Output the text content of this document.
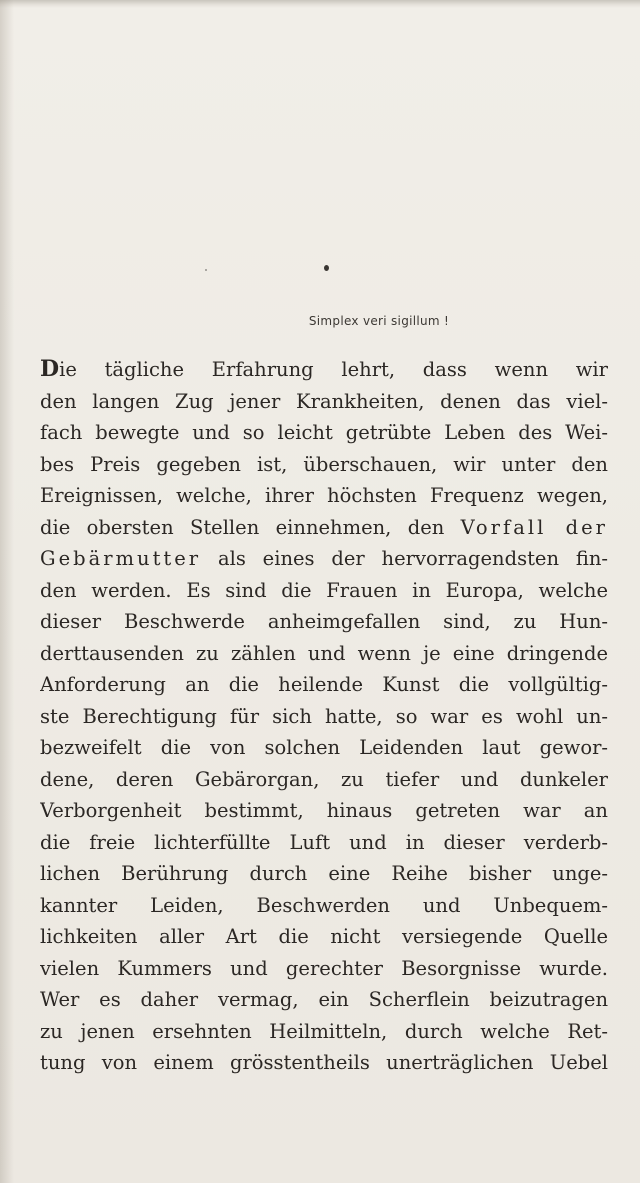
Simplex veri sigillum !
Die tägliche Erfahrung lehrt, dass wenn wir
den langen Zug jener Krankheiten, denen das viel-
fach bewegte und so leicht getrübte Leben des Wei-
bes Preis gegeben ist, überschauen, wir unter den
Ereignissen, welche, ihrer höchsten Frequenz wegen,
die obersten Stellen einnehmen, den Vorfall der
Gebärmutter als eines der hervorragendsten fin-
den werden. Es sind die Frauen in Europa, welche
dieser Beschwerde anheimgefallen sind, zu Hun-
derttausenden zu zählen und wenn je eine dringende
Anforderung an die heilende Kunst die vollgültig-
ste Berechtigung für sich hatte, so war es wohl un-
bezweifelt die von solchen Leidenden laut gewor-
dene, deren Gebärorgan, zu tiefer und dunkeler
Verborgenheit bestimmt, hinaus getreten war an
die freie lichterfüllte Luft und in dieser verderb-
lichen Berührung durch eine Reihe bisher unge-
kannter Leiden, Beschwerden und Unbequem-
lichkeiten aller Art die nicht versiegende Quelle
vielen Kummers und gerechter Besorgnisse wurde.
Wer es daher vermag, ein Scherflein beizutragen
zu jenen ersehnten Heilmitteln, durch welche Ret-
tung von einem grösstentheils unerträglichen Uebel
